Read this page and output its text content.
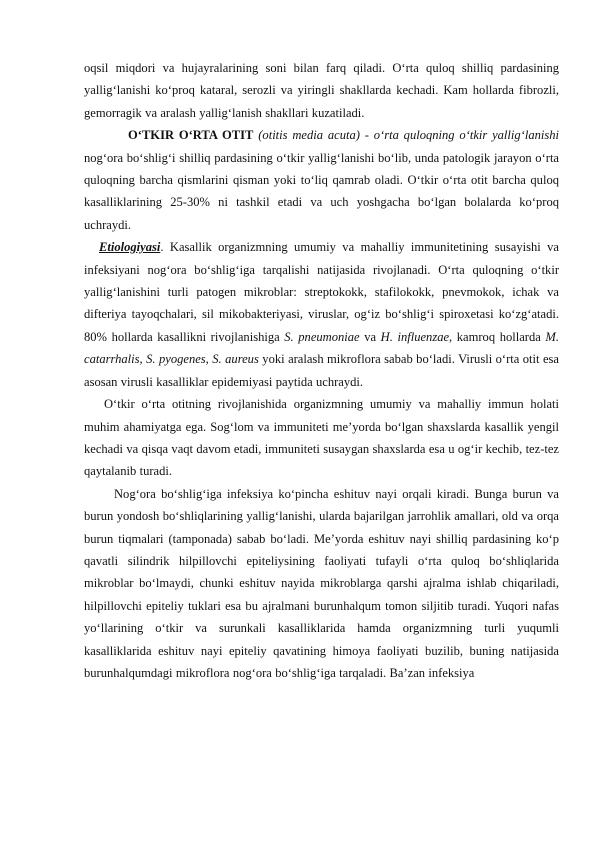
oqsil miqdori va hujayralarining soni bilan farq qiladi. O‘rta quloq shilliq pardasining yallig‘lanishi ko‘proq kataral, serozli va yiringli shakllarda kechadi. Kam hollarda fibrozli, gemorragik va aralash yallig‘lanish shakllari kuzatiladi.

O‘TKIR O‘RTA OTIT (otitis media acuta) - o‘rta quloqning o‘tkir yallig‘lanishi nog‘ora bo‘shlig‘i shilliq pardasining o‘tkir yallig‘lanishi bo‘lib, unda patologik jarayon o‘rta quloqning barcha qismlarini qisman yoki to‘liq qamrab oladi. O‘tkir o‘rta otit barcha quloq kasalliklarining 25-30% ni tashkil etadi va uch yoshgacha bo‘lgan bolalarda ko‘proq uchraydi.

Etiologiyasi. Kasallik organizmning umumiy va mahalliy immunitetining susayishi va infeksiyani nog‘ora bo‘shlig‘iga tarqalishi natijasida rivojlanadi. O‘rta quloqning o‘tkir yallig‘lanishini turli patogen mikroblar: streptokokk, stafilokokk, pnevmokok, ichak va difteriya tayoqchalari, sil mikobakteriyasi, viruslar, og‘iz bo‘shlig‘i spiroxetasi ko‘zg‘atadi. 80% hollarda kasallikni rivojlanishiga S. pneumoniae va H. influenzae, kamroq hollarda M. catarrhalis, S. pyogenes, S. aureus yoki aralash mikroflora sabab bo‘ladi. Virusli o‘rta otit esa asosan virusli kasalliklar epidemiyasi paytida uchraydi.

O‘tkir o‘rta otitning rivojlanishida organizmning umumiy va mahalliy immun holati muhim ahamiyatga ega. Sog‘lom va immuniteti me’yorda bo‘lgan shaxslarda kasallik yengil kechadi va qisqa vaqt davom etadi, immuniteti susaygan shaxslarda esa u og‘ir kechib, tez-tez qaytalanib turadi.

Nog‘ora bo‘shlig‘iga infeksiya ko‘pincha eshituv nayi orqali kiradi. Bunga burun va burun yondosh bo‘shliqlarining yallig‘lanishi, ularda bajarilgan jarrohlik amallari, old va orqa burun tiqmalari (tamponada) sabab bo‘ladi. Me’yorda eshituv nayi shilliq pardasining ko‘p qavatli silindrik hilpillovchi epiteliysining faoliyati tufayli o‘rta quloq bo‘shliqlarida mikroblar bo‘lmaydi, chunki eshituv nayida mikroblarga qarshi ajralma ishlab chiqariladi, hilpillovchi epiteliy tuklari esa bu ajralmani burunhalqum tomon siljitib turadi. Yuqori nafas yo‘llarining o‘tkir va surunkali kasalliklarida hamda organizmning turli yuqumli kasalliklarida eshituv nayi epiteliy qavatining himoya faoliyati buzilib, buning natijasida burunhalqumdagi mikroflora nog‘ora bo‘shlig‘iga tarqaladi. Ba’zan infeksiya
